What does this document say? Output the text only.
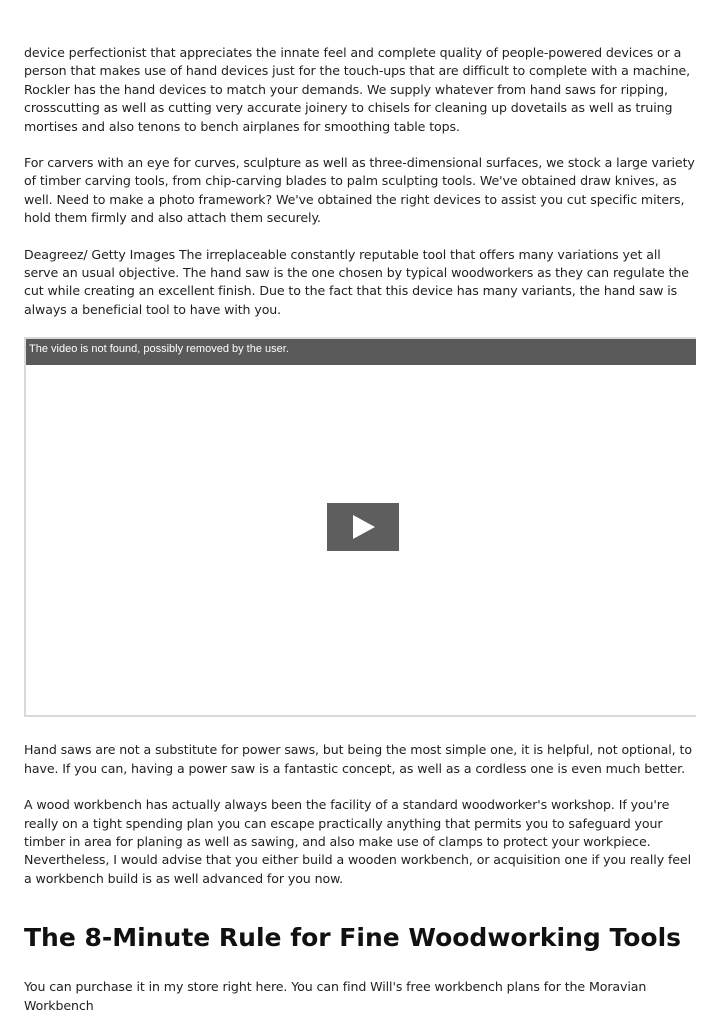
device perfectionist that appreciates the innate feel and complete quality of people-powered devices or a person that makes use of hand devices just for the touch-ups that are difficult to complete with a machine, Rockler has the hand devices to match your demands. We supply whatever from hand saws for ripping, crosscutting as well as cutting very accurate joinery to chisels for cleaning up dovetails as well as truing mortises and also tenons to bench airplanes for smoothing table tops.

For carvers with an eye for curves, sculpture as well as three-dimensional surfaces, we stock a large variety of timber carving tools, from chip-carving blades to palm sculpting tools. We've obtained draw knives, as well. Need to make a photo framework? We've obtained the right devices to assist you cut specific miters, hold them firmly and also attach them securely.

Deagreez/ Getty Images The irreplaceable constantly reputable tool that offers many variations yet all serve an usual objective. The hand saw is the one chosen by typical woodworkers as they can regulate the cut while creating an excellent finish. Due to the fact that this device has many variants, the hand saw is always a beneficial tool to have with you.

The video is not found, possibly removed by the user.

Hand saws are not a substitute for power saws, but being the most simple one, it is helpful, not optional, to have. If you can, having a power saw is a fantastic concept, as well as a cordless one is even much better.

A wood workbench has actually always been the facility of a standard woodworker's workshop. If you're really on a tight spending plan you can escape practically anything that permits you to safeguard your timber in area for planing as well as sawing, and also make use of clamps to protect your workpiece. Nevertheless, I would advise that you either build a wooden workbench, or acquisition one if you really feel a workbench build is as well advanced for you now.

The 8-Minute Rule for Fine Woodworking Tools

You can purchase it in my store right here. You can find Will's free workbench plans for the Moravian Workbench
